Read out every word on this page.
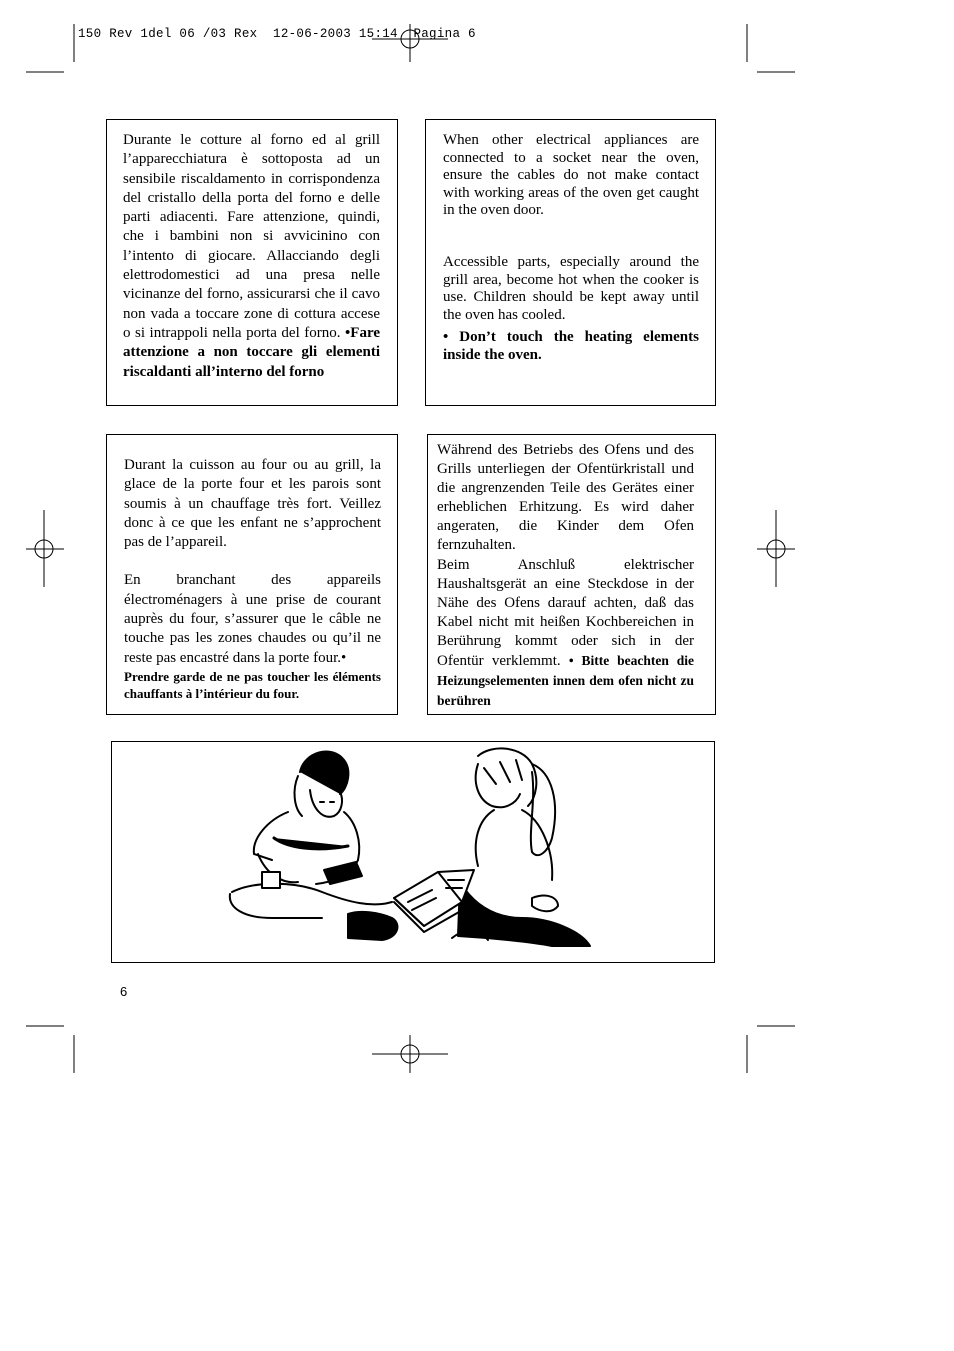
150 Rev 1del 06 /03 Rex  12-06-2003 15:14  Pagina 6

Durante le cotture al forno ed al grill l’apparecchiatura è sottoposta ad un sensibile riscaldamento in corrispondenza del cristallo della porta del forno e delle parti adiacenti. Fare attenzione, quindi, che i bambini non si avvicinino con l’intento di giocare. Allacciando degli elettrodomestici ad una presa nelle vicinanze del forno, assicurarsi che il cavo non vada a toccare zone di cottura accese o si intrappoli nella porta del forno. •Fare attenzione a non toccare gli elementi riscaldanti all’interno del forno

When other electrical appliances are connected to a socket near the oven, ensure the cables do not make contact with working areas of the oven get caught in the oven door.

Accessible parts, especially around the grill area, become hot when the cooker is use. Children should be kept away until the oven has cooled.

• Don’t touch the heating elements inside the oven.

Durant la cuisson au four ou au grill, la glace de la porte four et les parois sont soumis à un chauffage très fort. Veillez donc à ce que les enfant ne s’approchent pas de l’appareil.

En branchant des appareils électroménagers à une prise de courant auprès du four, s’assurer que le câble ne touche pas les zones chaudes ou qu’il ne reste pas encastré dans la porte four.•

Prendre garde de ne pas toucher les éléments chauffants à l’intérieur du four.

Während des Betriebs des Ofens und des Grills unterliegen der Ofentürkristall und die angrenzenden Teile des Gerätes einer erheblichen Erhitzung. Es wird daher angeraten, die Kinder dem Ofen fernzuhalten.

Beim Anschluß elektrischer Haushaltsgerät an eine Steckdose in der Nähe des Ofens darauf achten, daß das Kabel nicht mit heißen Kochbereichen in Berührung kommt oder sich in der Ofentür verklemmt. • Bitte beachten die Heizungselementen innen dem ofen nicht zu berühren

6
